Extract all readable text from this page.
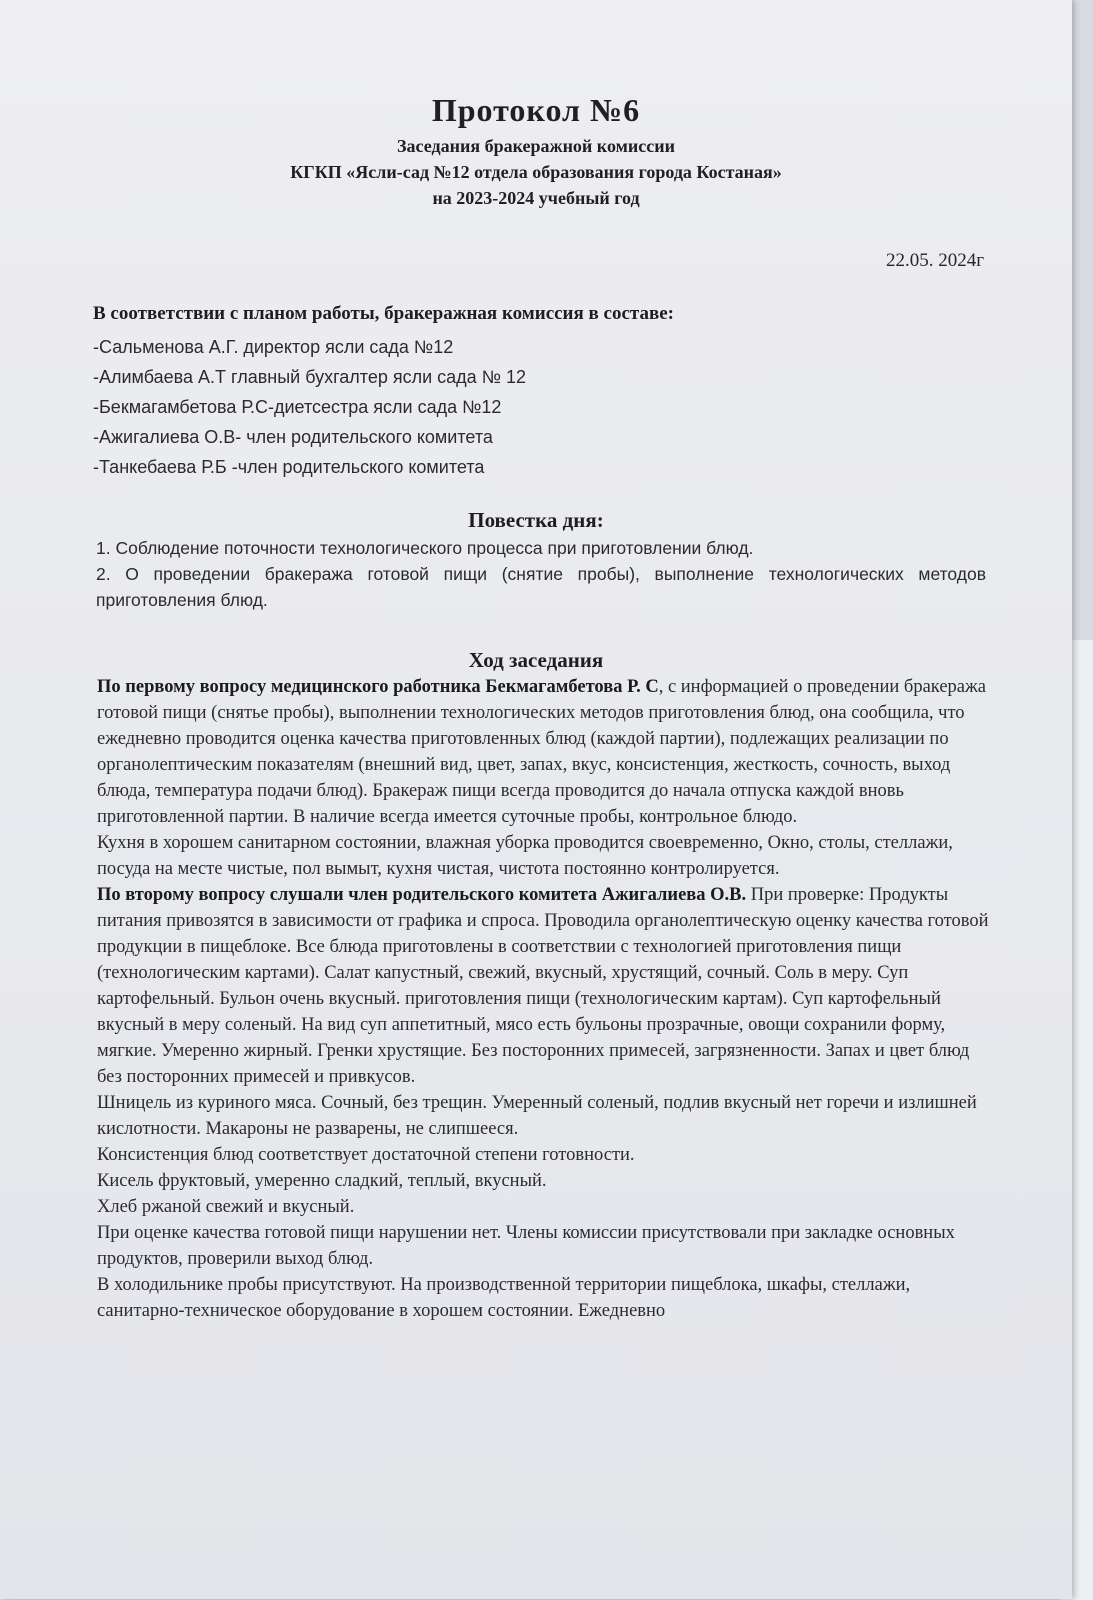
Протокол №6
Заседания бракеражной комиссии
КГКП «Ясли-сад №12 отдела образования города Костаная»
на 2023-2024 учебный год
22.05. 2024г
В соответствии с планом работы, бракеражная комиссия в составе:
-Сальменова А.Г. директор ясли сада №12
-Алимбаева А.Т главный бухгалтер ясли сада № 12
-Бекмагамбетова Р.С-диетсестра ясли сада №12
-Ажигалиева О.В- член родительского комитета
-Танкебаева Р.Б -член родительского комитета
Повестка дня:
1. Соблюдение поточности технологического процесса при приготовлении блюд.
2. О проведении бракеража готовой пищи (снятие пробы), выполнение технологических методов приготовления блюд.
Ход заседания

По первому вопросу медицинского работника Бекмагамбетова Р. С, с информацией о проведении бракеража готовой пищи (снятье пробы), выполнении технологических методов приготовления блюд, она сообщила, что ежедневно проводится оценка качества приготовленных блюд (каждой партии), подлежащих реализации по органолептическим показателям (внешний вид, цвет, запах, вкус, консистенция, жесткость, сочность, выход блюда, температура подачи блюд). Бракераж пищи всегда проводится до начала отпуска каждой вновь приготовленной партии. В наличие всегда имеется суточные пробы, контрольное блюдо.

Кухня в хорошем санитарном состоянии, влажная уборка проводится своевременно, Окно, столы, стеллажи, посуда на месте чистые, пол вымыт, кухня чистая, чистота постоянно контролируется.

По второму вопросу слушали член родительского комитета Ажигалиева О.В. При проверке: Продукты питания привозятся в зависимости от графика и спроса. Проводила органолептическую оценку качества готовой продукции в пищеблоке. Все блюда приготовлены в соответствии с технологией приготовления пищи (технологическим картами). Салат капустный, свежий, вкусный, хрустящий, сочный. Соль в меру. Суп картофельный. Бульон очень вкусный. приготовления пищи (технологическим картам). Суп картофельный вкусный в меру соленый. На вид суп аппетитный, мясо есть бульоны прозрачные, овощи сохранили форму, мягкие. Умеренно жирный. Гренки хрустящие. Без посторонних примесей, загрязненности. Запах и цвет блюд без посторонних примесей и привкусов.

Шницель из куриного мяса. Сочный, без трещин. Умеренный соленый, подлив вкусный нет горечи и излишней кислотности. Макароны не разварены, не слипшееся.

Консистенция блюд соответствует достаточной степени готовности.

Кисель фруктовый, умеренно сладкий, теплый, вкусный.

Хлеб ржаной свежий и вкусный.

При оценке качества готовой пищи нарушении нет. Члены комиссии присутствовали при закладке основных продуктов, проверили выход блюд.

В холодильнике пробы присутствуют. На производственной территории пищеблока, шкафы, стеллажи, санитарно-техническое оборудование в хорошем состоянии. Ежедневно
